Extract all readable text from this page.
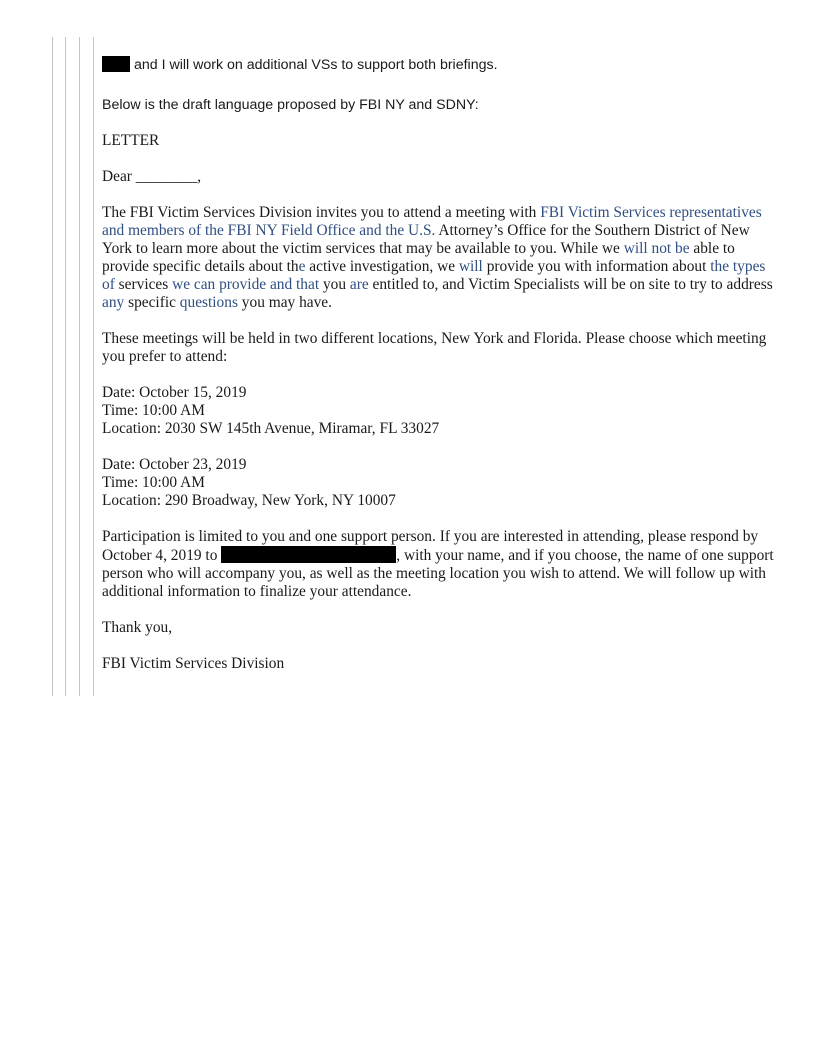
and I will work on additional VSs to support both briefings.

Below is the draft language proposed by FBI NY and SDNY:

LETTER

Dear ________,

The FBI Victim Services Division invites you to attend a meeting with FBI Victim Services representatives and members of the FBI NY Field Office and the U.S. Attorney’s Office for the Southern District of New York to learn more about the victim services that may be available to you. While we will not be able to provide specific details about the active investigation, we will provide you with information about the types of services we can provide and that you are entitled to, and Victim Specialists will be on site to try to address any specific questions you may have.

These meetings will be held in two different locations, New York and Florida. Please choose which meeting you prefer to attend:

Date: October 15, 2019

Time: 10:00 AM

Location: 2030 SW 145th Avenue, Miramar, FL 33027

Date: October 23, 2019

Time: 10:00 AM

Location: 290 Broadway, New York, NY 10007

Participation is limited to you and one support person. If you are interested in attending, please respond by October 4, 2019 to	, with your name, and if you choose, the name of one support person who will accompany you, as well as the meeting location you wish to attend. We will follow up with additional information to finalize your attendance.

Thank you,

FBI Victim Services Division
